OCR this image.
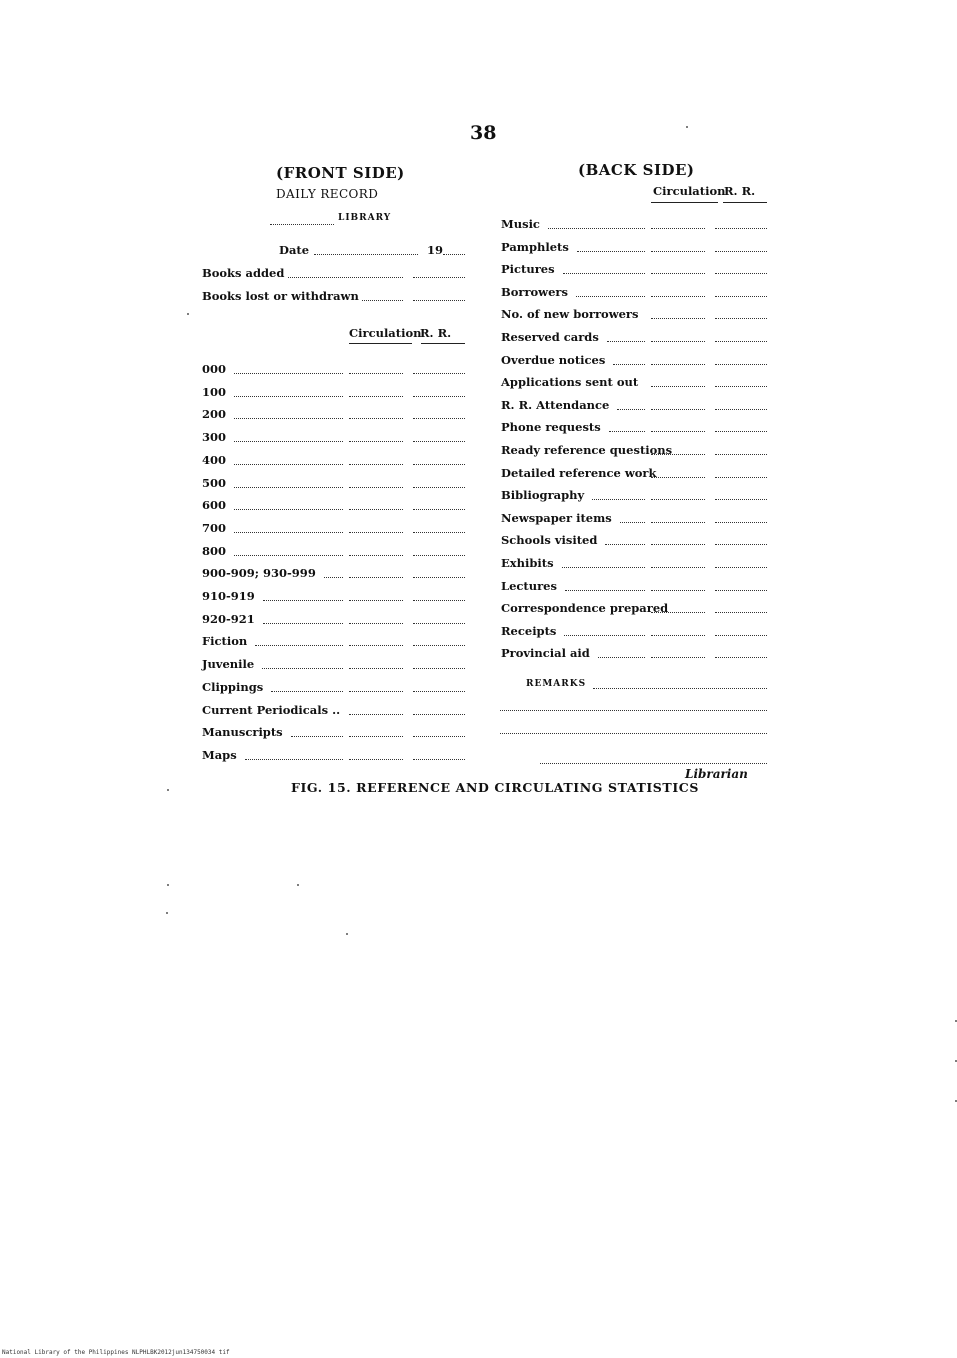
38
(FRONT SIDE)
DAILY RECORD
LIBRARY
Date	19
Books added
Books lost or withdrawn
Circulation
R. R.
000
100
200
300
400
500
600
700
800
900-909; 930-999
910-919
920-921
Fiction
Juvenile
Clippings
Current Periodicals ..
Manuscripts
Maps
(BACK SIDE)
Circulation
R. R.
Music
Pamphlets
Pictures
Borrowers
No. of new borrowers
Reserved cards
Overdue notices
Applications sent out
R. R. Attendance
Phone requests
Ready reference questions
Detailed reference work
Bibliography
Newspaper items
Schools visited
Exhibits
Lectures
Correspondence prepared
Receipts
Provincial aid
REMARKS
Librarian
FIG. 15. REFERENCE AND CIRCULATING STATISTICS
National Library of the Philippines NLPHLBK2012jun134750034 tif
